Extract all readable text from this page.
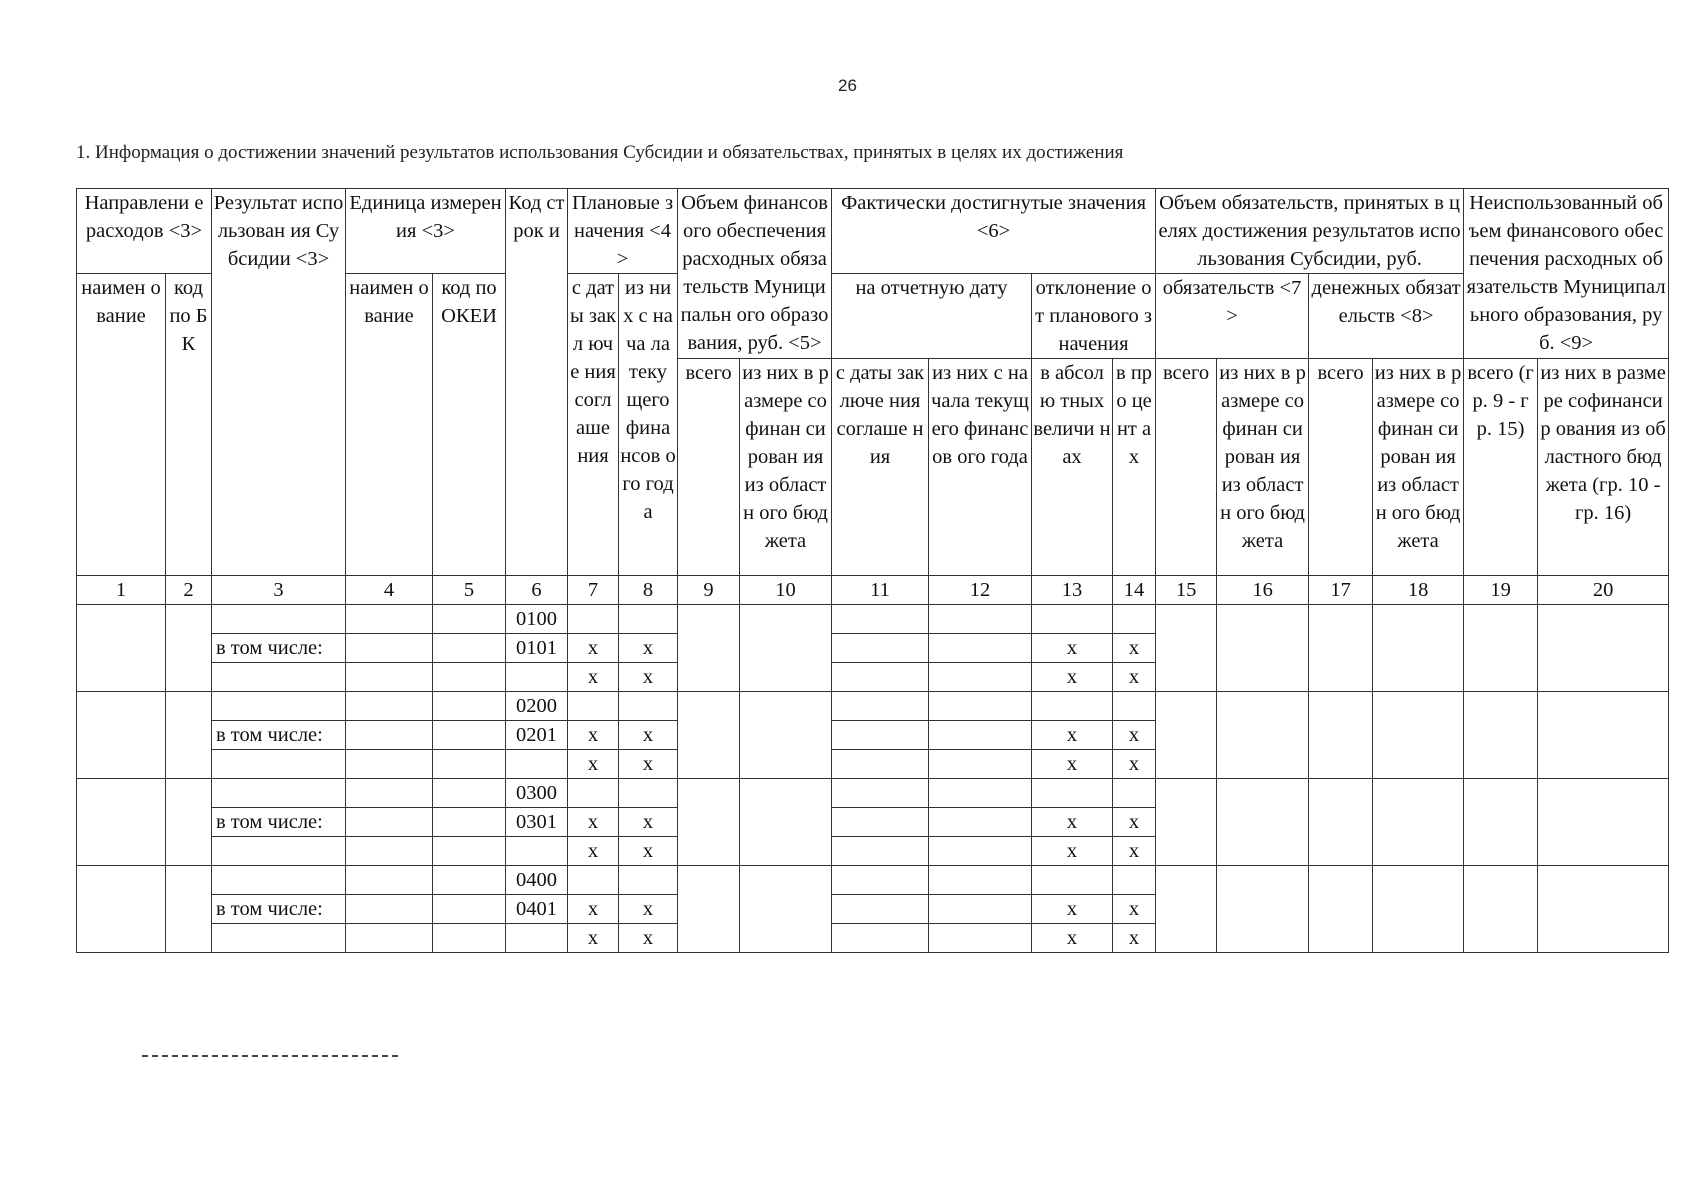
26
1. Информация о достижении значений результатов использования Субсидии и обязательствах, принятых в целях их достижения
Направлени е расходов <3>		Результат использован ия Субсидии <3>	Единица измерения <3>		Код строк и	Плановые значения <4>		Объем финансового обеспечения расходных обязательств Муниципальн ого образования, руб. <5>		Фактически достигнутые значения <6>				Объем обязательств, принятых в целях достижения результатов использования Субсидии, руб.				Неиспользованный объем финансового обеспечения расходных обязательств Муниципального образования, руб. <9>	
наимен ование	код по БК		наимен ование	код по ОКЕИ		с даты закл юче ния согл аше ния	из них с нача ла теку щего фина нсов ого года			на отчетную дату		отклонение от планового значения		обязательств <7>		денежных обязательств <8>			
								всего	из них в размере софинан сирован ия из областн ого бюджета	с даты заключе ния соглаше ния	из них с начала текущего финансов ого года	в абсолю тных величи нах	в про цент ах	всего	из них в размере софинан сирован ия из областн ого бюджета	всего	из них в размере софинан сирован ия из областн ого бюджета	всего (гр. 9 - гр. 15)	из них в размере софинансир ования из областного бюджета (гр. 10 - гр. 16)
1	2	3	4	5	6	7	8	9	10	11	12	13	14	15	16	17	18	19	20
					0100														
		в том числе:			0101	x	x					x	x						
						x	x					x	x						
					0200														
		в том числе:			0201	x	x					x	x						
						x	x					x	x						
					0300														
		в том числе:			0301	x	x					x	x						
						x	x					x	x						
					0400														
		в том числе:			0401	x	x					x	x						
						x	x					x	x						
